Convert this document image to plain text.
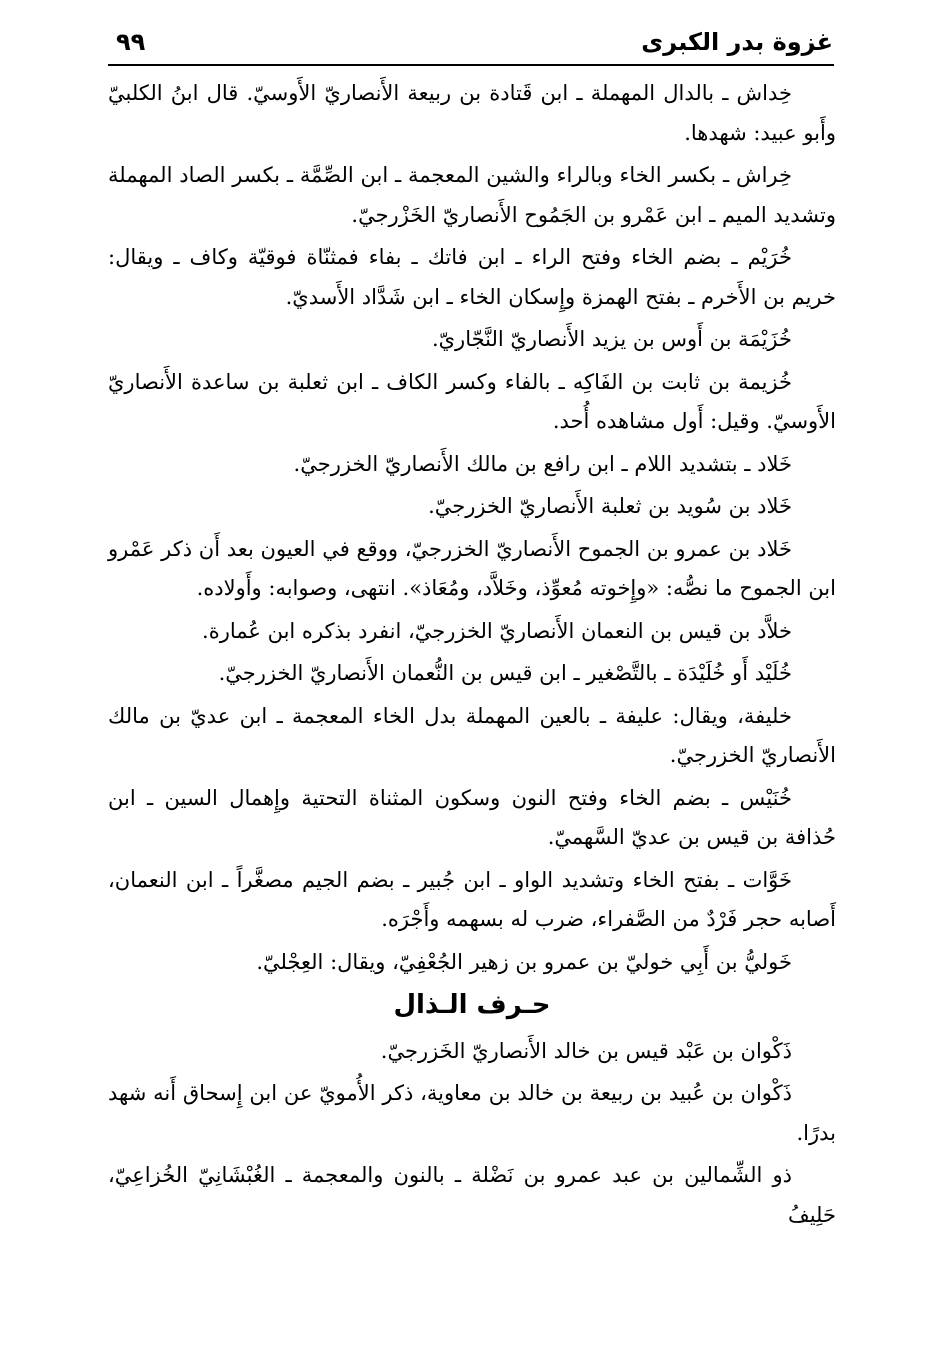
غزوة بدر الكبرى
٩٩

خِداش ـ بالدال المهملة ـ ابن قَتادة بن ربيعة الأَنصاريّ الأَوسيّ. قال ابنُ الكلبيّ وأَبو عبيد: شهدها.

خِراش ـ بكسر الخاء وبالراء والشين المعجمة ـ ابن الصِّمَّة ـ بكسر الصاد المهملة وتشديد الميم ـ ابن عَمْرو بن الجَمُوح الأَنصاريّ الخَزْرجيّ.

خُرَيْم ـ بضم الخاء وفتح الراء ـ ابن فاتك ـ بفاء فمثنّاة فوقيّة وكاف ـ ويقال: خريم بن الأَخرم ـ بفتح الهمزة وإِسكان الخاء ـ ابن شَدَّاد الأَسديّ.

خُزَيْمَة بن أَوس بن يزيد الأَنصاريّ النَّجّاريّ.

خُزيمة بن ثابت بن الفَاكِه ـ بالفاء وكسر الكاف ـ ابن ثعلبة بن ساعدة الأَنصاريّ الأَوسيّ. وقيل: أَول مشاهده أُحد.

خَلاد ـ بتشديد اللام ـ ابن رافع بن مالك الأَنصاريّ الخزرجيّ.

خَلاد بن سُويد بن ثعلبة الأَنصاريّ الخزرجيّ.

خَلاد بن عمرو بن الجموح الأَنصاريّ الخزرجيّ، ووقع في العيون بعد أَن ذكر عَمْرو ابن الجموح ما نصُّه: «وإِخوته مُعوِّذ، وخَلاَّد، ومُعَاذ». انتهى، وصوابه: وأَولاده.

خلاَّد بن قيس بن النعمان الأَنصاريّ الخزرجيّ، انفرد بذكره ابن عُمارة.

خُلَيْد أَو خُلَيْدَة ـ بالتَّصْغير ـ ابن قيس بن النُّعمان الأَنصاريّ الخزرجيّ.

خليفة، ويقال: عليفة ـ بالعين المهملة بدل الخاء المعجمة ـ ابن عديّ بن مالك الأَنصاريّ الخزرجيّ.

خُنَيْس ـ بضم الخاء وفتح النون وسكون المثناة التحتية وإِهمال السين ـ ابن حُذافة بن قيس بن عديّ السَّهميّ.

خَوَّات ـ بفتح الخاء وتشديد الواو ـ ابن جُبير ـ بضم الجيم مصغَّراً ـ ابن النعمان، أَصابه حجر فَرْدٌ من الصَّفراء، ضرب له بسهمه وأَجْرَه.

خَوليُّ بن أَبِي خوليّ بن عمرو بن زهير الجُعْفِيّ، ويقال: العِجْليّ.

حـرف الـذال

ذَكْوان بن عَبْد قيس بن خالد الأَنصاريّ الخَزرجيّ.

ذَكْوان بن عُبيد بن ربيعة بن خالد بن معاوية، ذكر الأُمويّ عن ابن إِسحاق أَنه شهد بدرًا.

ذو الشِّمالين بن عبد عمرو بن نَضْلة ـ بالنون والمعجمة ـ الغُبْشَانِيّ الخُزاعِيّ، حَلِيفُ
